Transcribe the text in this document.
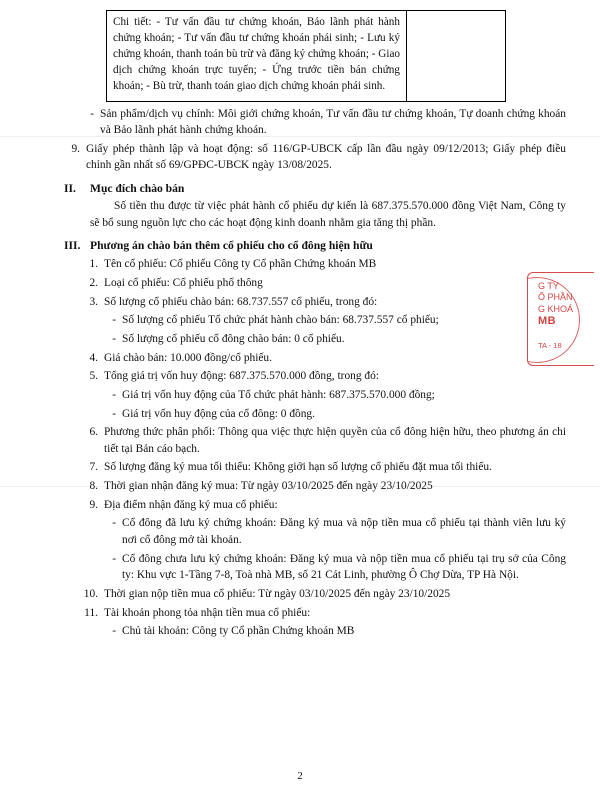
Chi tiết: - Tư vấn đầu tư chứng khoán, Bảo lãnh phát hành chứng khoán; - Tư vấn đầu tư chứng khoán phái sinh; - Lưu ký chứng khoán, thanh toán bù trừ và đăng ký chứng khoán; - Giao dịch chứng khoán trực tuyến; - Ứng trước tiền bán chứng khoán; - Bù trừ, thanh toán giao dịch chứng khoán phái sinh.	
- Sản phẩm/dịch vụ chính: Môi giới chứng khoán, Tư vấn đầu tư chứng khoán, Tự doanh chứng khoán và Bảo lãnh phát hành chứng khoán.
9. Giấy phép thành lập và hoạt động: số 116/GP-UBCK cấp lần đầu ngày 09/12/2013; Giấy phép điều chỉnh gần nhất số 69/GPĐC-UBCK ngày 13/08/2025.
II.	Mục đích chào bán
Số tiền thu được từ việc phát hành cổ phiếu dự kiến là 687.375.570.000 đồng Việt Nam, Công ty sẽ bổ sung nguồn lực cho các hoạt động kinh doanh nhằm gia tăng thị phần.
III. Phương án chào bán thêm cổ phiếu cho cổ đông hiện hữu
1. Tên cổ phiếu: Cổ phiếu Công ty Cổ phần Chứng khoán MB
2. Loại cổ phiếu: Cổ phiếu phổ thông
3. Số lượng cổ phiếu chào bán: 68.737.557 cổ phiếu, trong đó:
- Số lượng cổ phiếu Tổ chức phát hành chào bán: 68.737.557 cổ phiếu;
- Số lượng cổ phiếu cổ đông chào bán: 0 cổ phiếu.
4. Giá chào bán: 10.000 đồng/cổ phiếu.
5. Tổng giá trị vốn huy động: 687.375.570.000 đồng, trong đó:
- Giá trị vốn huy động của Tổ chức phát hành: 687.375.570.000 đồng;
- Giá trị vốn huy động của cổ đông: 0 đồng.
6. Phương thức phân phối: Thông qua việc thực hiện quyền của cổ đông hiện hữu, theo phương án chi tiết tại Bản cáo bạch.
7. Số lượng đăng ký mua tối thiểu: Không giới hạn số lượng cổ phiếu đặt mua tối thiểu.
8. Thời gian nhận đăng ký mua: Từ ngày 03/10/2025 đến ngày 23/10/2025
9. Địa điểm nhận đăng ký mua cổ phiếu:
- Cổ đông đã lưu ký chứng khoán: Đăng ký mua và nộp tiền mua cổ phiếu tại thành viên lưu ký nơi cổ đông mở tài khoản.
- Cổ đông chưa lưu ký chứng khoán: Đăng ký mua và nộp tiền mua cổ phiếu tại trụ sở của Công ty: Khu vực 1-Tầng 7-8, Toà nhà MB, số 21 Cát Linh, phường Ô Chợ Dừa, TP Hà Nội.
10. Thời gian nộp tiền mua cổ phiếu: Từ ngày 03/10/2025 đến ngày 23/10/2025
11. Tài khoản phong tỏa nhận tiền mua cổ phiếu:
- Chủ tài khoản: Công ty Cổ phần Chứng khoán MB
G TY
Ổ PHẦN
G KHOÁ
MB
TA - 18
2
